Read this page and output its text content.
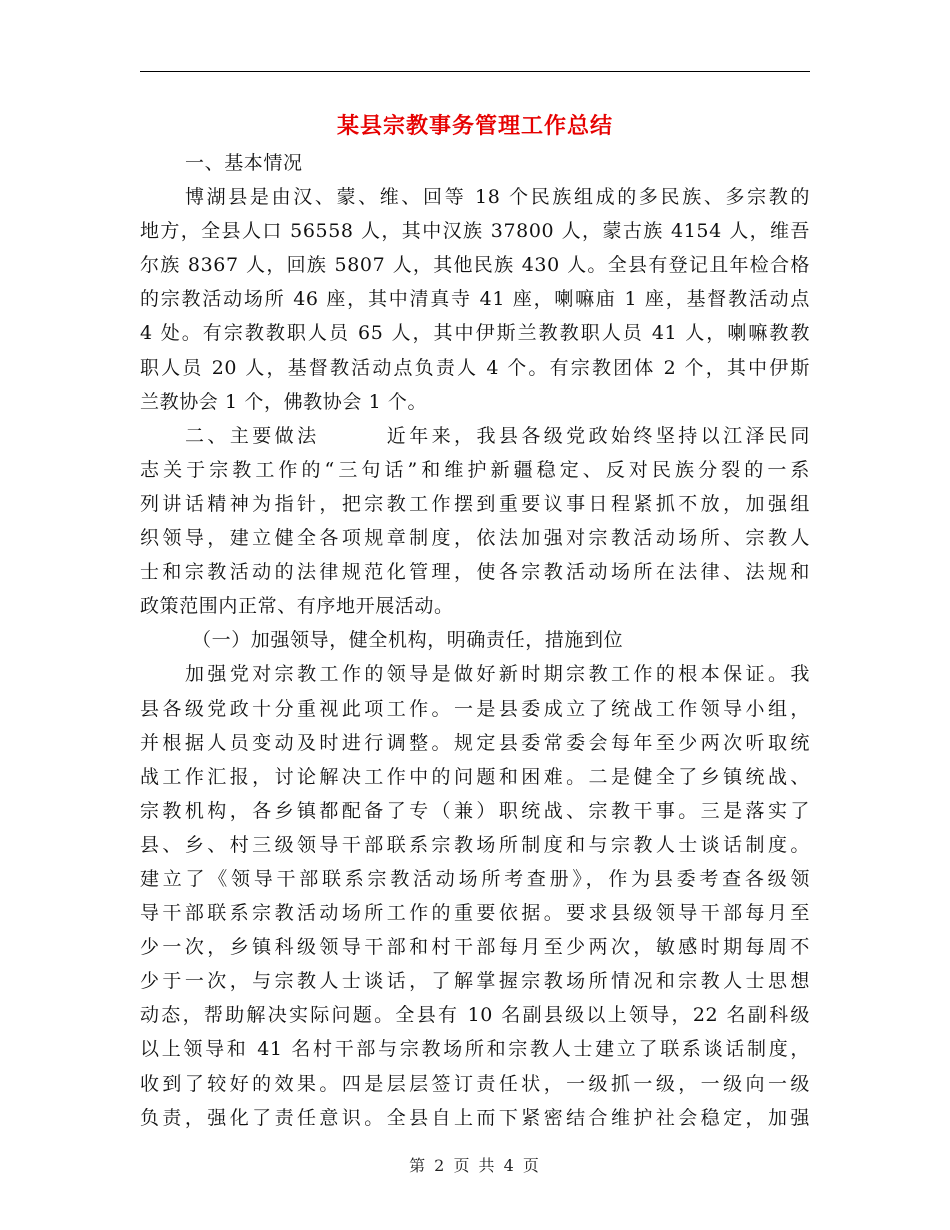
某县宗教事务管理工作总结
一、基本情况
博湖县是由汉、蒙、维、回等 18 个民族组成的多民族、多宗教的
地方，全县人口 56558 人，其中汉族 37800 人，蒙古族 4154 人，维吾
尔族 8367 人，回族 5807 人，其他民族 430 人。全县有登记且年检合格
的宗教活动场所 46 座，其中清真寺 41 座，喇嘛庙 1 座，基督教活动点
4 处。有宗教教职人员 65 人，其中伊斯兰教教职人员 41 人，喇嘛教教
职人员 20 人，基督教活动点负责人 4 个。有宗教团体 2 个，其中伊斯
兰教协会 1 个，佛教协会 1 个。
二、主要做法　　　近年来，我县各级党政始终坚持以江泽民同
志关于宗教工作的“三句话”和维护新疆稳定、反对民族分裂的一系
列讲话精神为指针，把宗教工作摆到重要议事日程紧抓不放，加强组
织领导，建立健全各项规章制度，依法加强对宗教活动场所、宗教人
士和宗教活动的法律规范化管理，使各宗教活动场所在法律、法规和
政策范围内正常、有序地开展活动。
（一）加强领导，健全机构，明确责任，措施到位
加强党对宗教工作的领导是做好新时期宗教工作的根本保证。我
县各级党政十分重视此项工作。一是县委成立了统战工作领导小组，
并根据人员变动及时进行调整。规定县委常委会每年至少两次听取统
战工作汇报，讨论解决工作中的问题和困难。二是健全了乡镇统战、
宗教机构，各乡镇都配备了专（兼）职统战、宗教干事。三是落实了
县、乡、村三级领导干部联系宗教场所制度和与宗教人士谈话制度。
建立了《领导干部联系宗教活动场所考查册》，作为县委考查各级领
导干部联系宗教活动场所工作的重要依据。要求县级领导干部每月至
少一次，乡镇科级领导干部和村干部每月至少两次，敏感时期每周不
少于一次，与宗教人士谈话，了解掌握宗教场所情况和宗教人士思想
动态，帮助解决实际问题。全县有 10 名副县级以上领导，22 名副科级
以上领导和 41 名村干部与宗教场所和宗教人士建立了联系谈话制度，
收到了较好的效果。四是层层签订责任状，一级抓一级，一级向一级
负责，强化了责任意识。全县自上而下紧密结合维护社会稳定，加强
第 2 页 共 4 页
